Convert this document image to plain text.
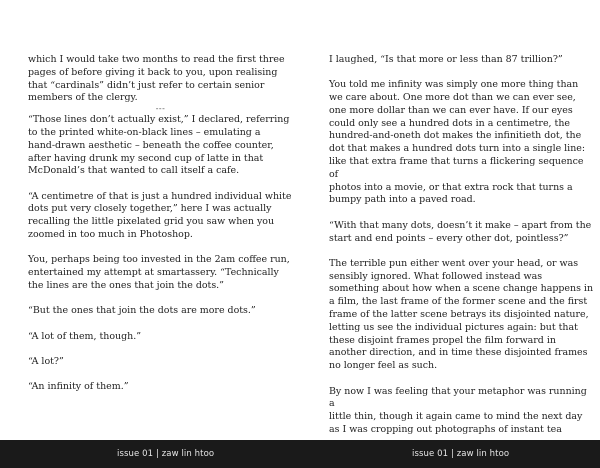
which I would take two months to read the first three
pages of before giving it back to you, upon realising
that “cardinals” didn’t just refer to certain senior
members of the clergy.

---

“Those lines don’t actually exist,” I declared, referring
to the printed white-on-black lines – emulating a
hand-drawn aesthetic – beneath the coffee counter,
after having drunk my second cup of latte in that
McDonald’s that wanted to call itself a cafe.

“A centimetre of that is just a hundred individual white
dots put very closely together,” here I was actually
recalling the little pixelated grid you saw when you
zoomed in too much in Photoshop.

You, perhaps being too invested in the 2am coffee run,
entertained my attempt at smartassery. “Technically
the lines are the ones that join the dots.”

“But the ones that join the dots are more dots.”

“A lot of them, though.”

“A lot?”

“An infinity of them.”

I laughed, “Is that more or less than 87 trillion?”

You told me infinity was simply one more thing than
we care about. One more dot than we can ever see,
one more dollar than we can ever have. If our eyes
could only see a hundred dots in a centimetre, the
hundred-and-oneth dot makes the infinitieth dot, the
dot that makes a hundred dots turn into a single line:
like that extra frame that turns a flickering sequence of
photos into a movie, or that extra rock that turns a
bumpy path into a paved road.

“With that many dots, doesn’t it make – apart from the
start and end points – every other dot, pointless?”

The terrible pun either went over your head, or was
sensibly ignored. What followed instead was
something about how when a scene change happens in
a film, the last frame of the former scene and the first
frame of the latter scene betrays its disjointed nature,
letting us see the individual pictures again: but that
these disjoint frames propel the film forward in
another direction, and in time these disjointed frames
no longer feel as such.

By now I was feeling that your metaphor was running a
little thin, though it again came to mind the next day
as I was cropping out photographs of instant tea

issue 01 | zaw lin htoo	issue 01 | zaw lin htoo
